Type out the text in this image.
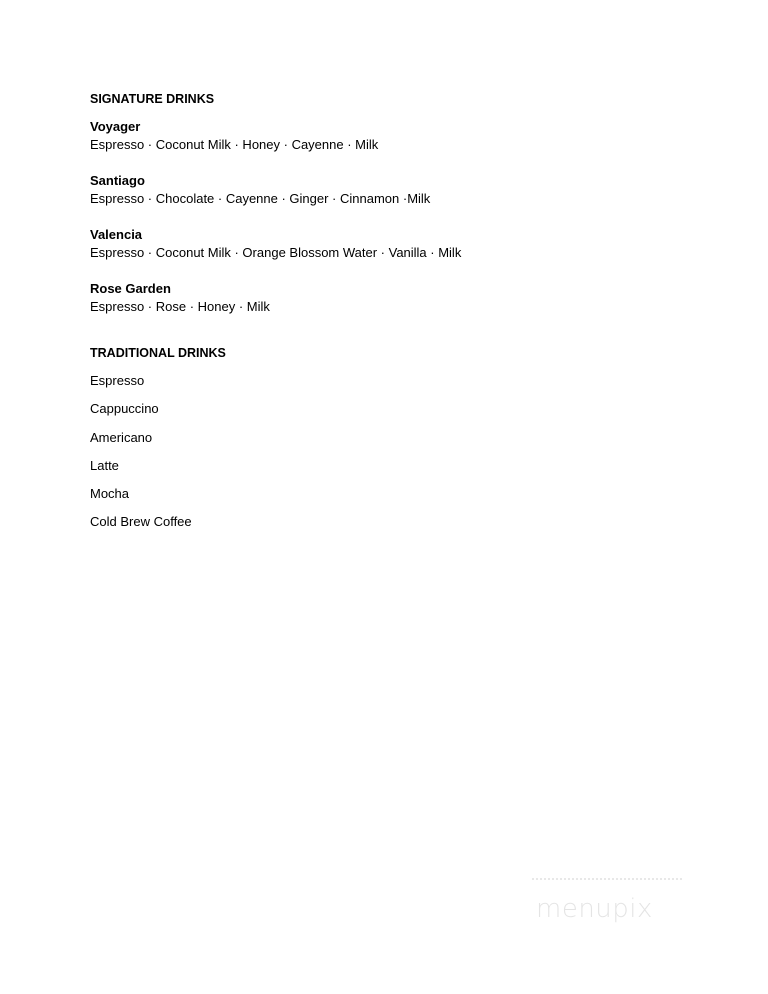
SIGNATURE DRINKS
Voyager
Espresso · Coconut Milk · Honey · Cayenne · Milk
Santiago
Espresso · Chocolate · Cayenne · Ginger · Cinnamon ·Milk
Valencia
Espresso · Coconut Milk · Orange Blossom Water · Vanilla · Milk
Rose Garden
Espresso · Rose · Honey · Milk
TRADITIONAL DRINKS
Espresso
Cappuccino
Americano
Latte
Mocha
Cold Brew Coffee
menupix
